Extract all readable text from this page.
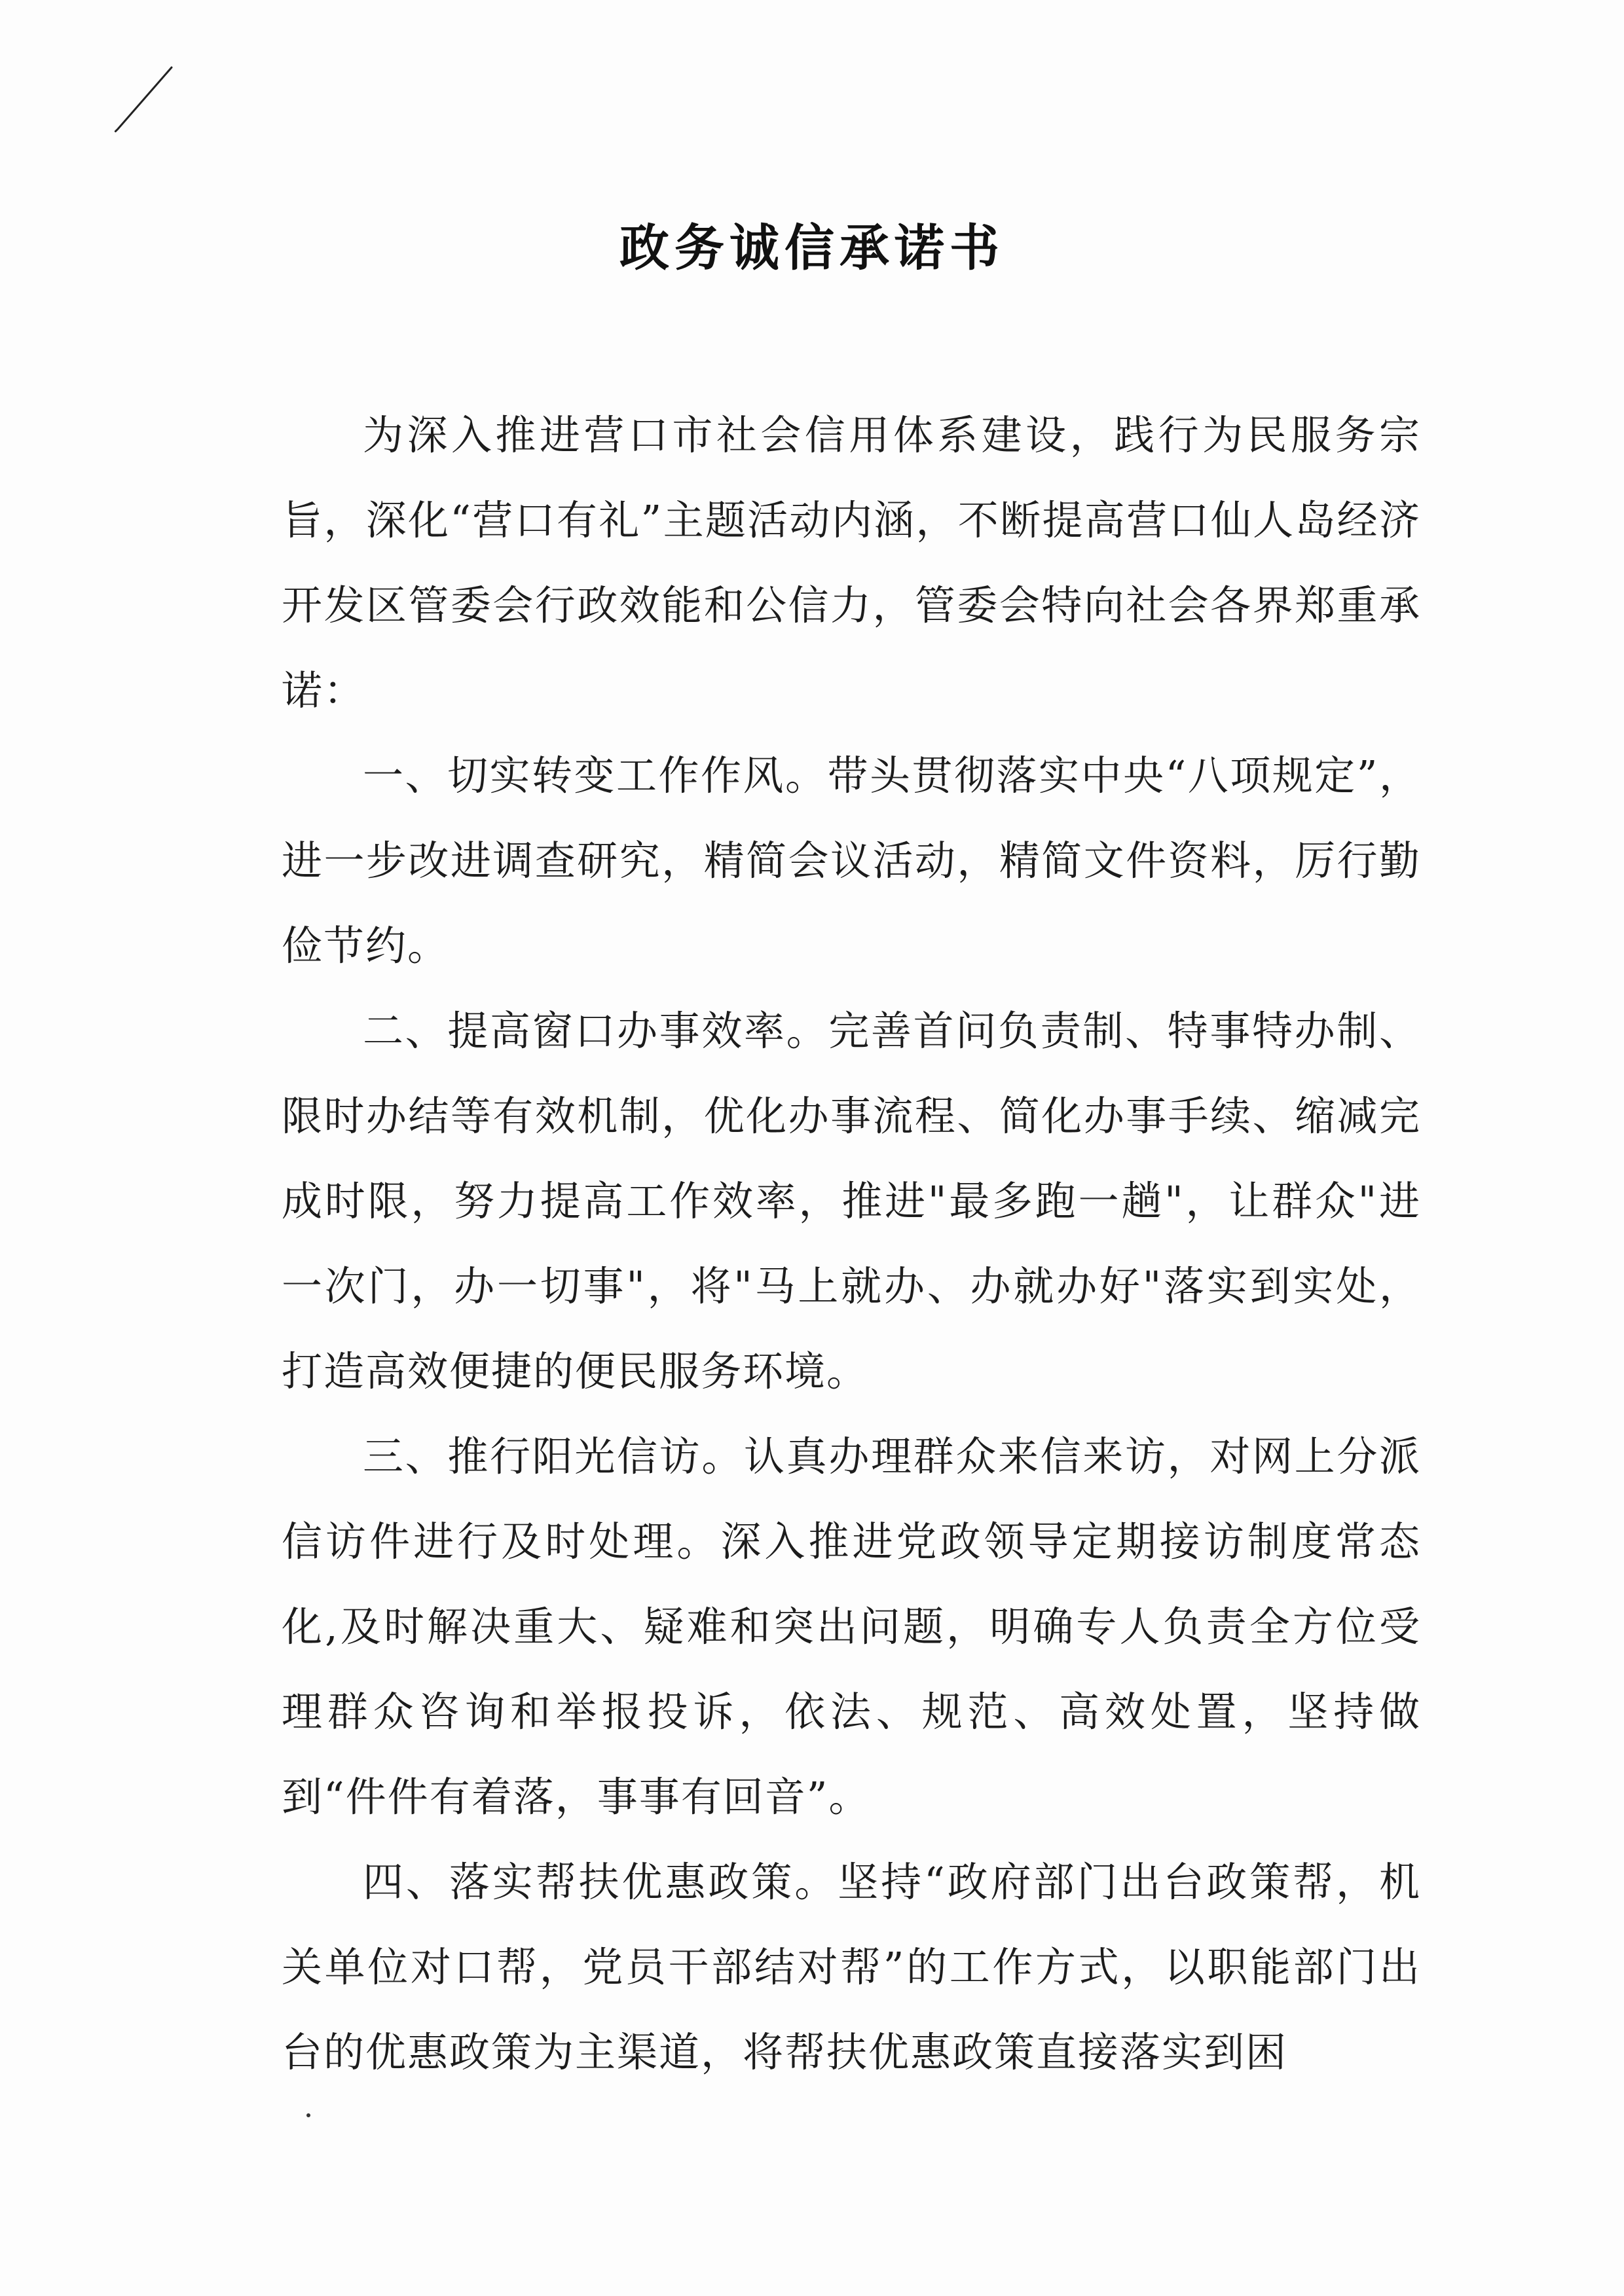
政务诚信承诺书

为深入推进营口市社会信用体系建设，践行为民服务宗旨，深化“营口有礼”主题活动内涵，不断提高营口仙人岛经济开发区管委会行政效能和公信力，管委会特向社会各界郑重承诺：

一、切实转变工作作风。带头贯彻落实中央“八项规定”，进一步改进调查研究，精简会议活动，精简文件资料，厉行勤俭节约。

二、提高窗口办事效率。完善首问负责制、特事特办制、限时办结等有效机制，优化办事流程、简化办事手续、缩减完成时限，努力提高工作效率，推进"最多跑一趟"，让群众"进一次门，办一切事"，将"马上就办、办就办好"落实到实处，打造高效便捷的便民服务环境。

三、推行阳光信访。认真办理群众来信来访，对网上分派信访件进行及时处理。深入推进党政领导定期接访制度常态化,及时解决重大、疑难和突出问题，明确专人负责全方位受理群众咨询和举报投诉，依法、规范、高效处置，坚持做到“件件有着落，事事有回音”。

四、落实帮扶优惠政策。坚持“政府部门出台政策帮，机关单位对口帮，党员干部结对帮”的工作方式，以职能部门出台的优惠政策为主渠道，将帮扶优惠政策直接落实到困
